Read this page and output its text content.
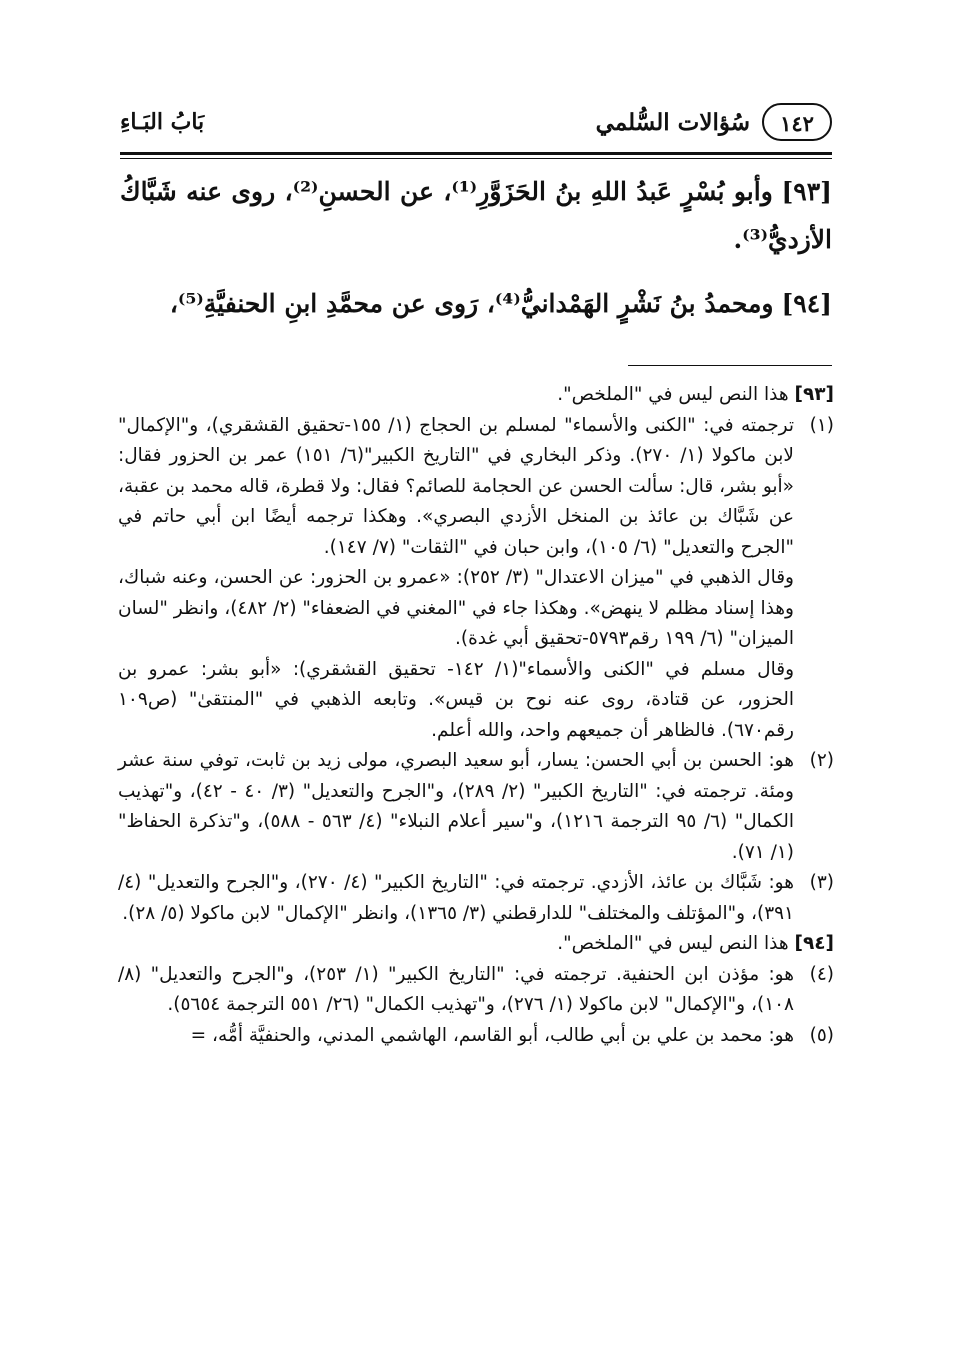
١٤٢
سُؤالات السُّلمي
بَابُ البَـاءِ

[٩٣] وأبو بُسْرٍ عَبدُ اللهِ بنُ الحَزَوَّرِ⁽¹⁾، عن الحسنِ⁽²⁾، روى عنه شَبَّاكُ الأزديُّ⁽³⁾.

[٩٤] ومحمدُ بنُ نَشْرٍ الهَمْدانيُّ⁽⁴⁾، رَوى عن محمَّدِ ابنِ الحنفيَّةِ⁽⁵⁾،

[٩٣] هذا النص ليس في "الملخص".
(١)

ترجمته في: "الكنى والأسماء" لمسلم بن الحجاج (١/ ١٥٥-تحقيق القشقري)، و"الإكمال" لابن ماكولا (١/ ٢٧٠). وذكر البخاري في "التاريخ الكبير"(٦/ ١٥١) عمر بن الحزور فقال: «أبو بشر، قال: سألت الحسن عن الحجامة للصائم؟ فقال: ولا قطرة، قاله محمد بن عقبة، عن شَبَّاك بن عائذ بن المنخل الأزدي البصري». وهكذا ترجمه أيضًا ابن أبي حاتم في "الجرح والتعديل" (٦/ ١٠٥)، وابن حبان في "الثقات" (٧/ ١٤٧).

وقال الذهبي في "ميزان الاعتدال" (٣/ ٢٥٢): «عمرو بن الحزور: عن الحسن، وعنه شباك، وهذا إسناد مظلم لا ينهض». وهكذا جاء في "المغني في الضعفاء" (٢/ ٤٨٢)، وانظر "لسان الميزان" (٦/ ١٩٩ رقم٥٧٩٣-تحقيق أبي غدة).

وقال مسلم في "الكنى والأسماء"(١/ ١٤٢- تحقيق القشقري): «أبو بشر: عمرو بن الحزور، عن قتادة، روى عنه نوح بن قيس». وتابعه الذهبي في "المنتقىٰ" (ص١٠٩ رقم٦٧٠). فالظاهر أن جميعهم واحد، والله أعلم.

(٢)

هو: الحسن بن أبي الحسن: يسار، أبو سعيد البصري، مولى زيد بن ثابت، توفي سنة عشر ومئة. ترجمته في: "التاريخ الكبير" (٢/ ٢٨٩)، و"الجرح والتعديل" (٣/ ٤٠ - ٤٢)، و"تهذيب الكمال" (٦/ ٩٥ الترجمة ١٢١٦)، و"سير أعلام النبلاء" (٤/ ٥٦٣ - ٥٨٨)، و"تذكرة الحفاظ" (١/ ٧١).

(٣)

هو: شَبَّاك بن عائذ، الأزدي. ترجمته في: "التاريخ الكبير" (٤/ ٢٧٠)، و"الجرح والتعديل" (٤/ ٣٩١)، و"المؤتلف والمختلف" للدارقطني (٣/ ١٣٦٥)، وانظر "الإكمال" لابن ماكولا (٥/ ٢٨).

[٩٤] هذا النص ليس في "الملخص".
(٤)

هو: مؤذن ابن الحنفية. ترجمته في: "التاريخ الكبير" (١/ ٢٥٣)، و"الجرح والتعديل" (٨/ ١٠٨)، و"الإكمال" لابن ماكولا (١/ ٢٧٦)، و"تهذيب الكمال" (٢٦/ ٥٥١ الترجمة ٥٦٥٤).

(٥)

هو: محمد بن علي بن أبي طالب، أبو القاسم، الهاشمي المدني، والحنفيَّة أمُّه، =
